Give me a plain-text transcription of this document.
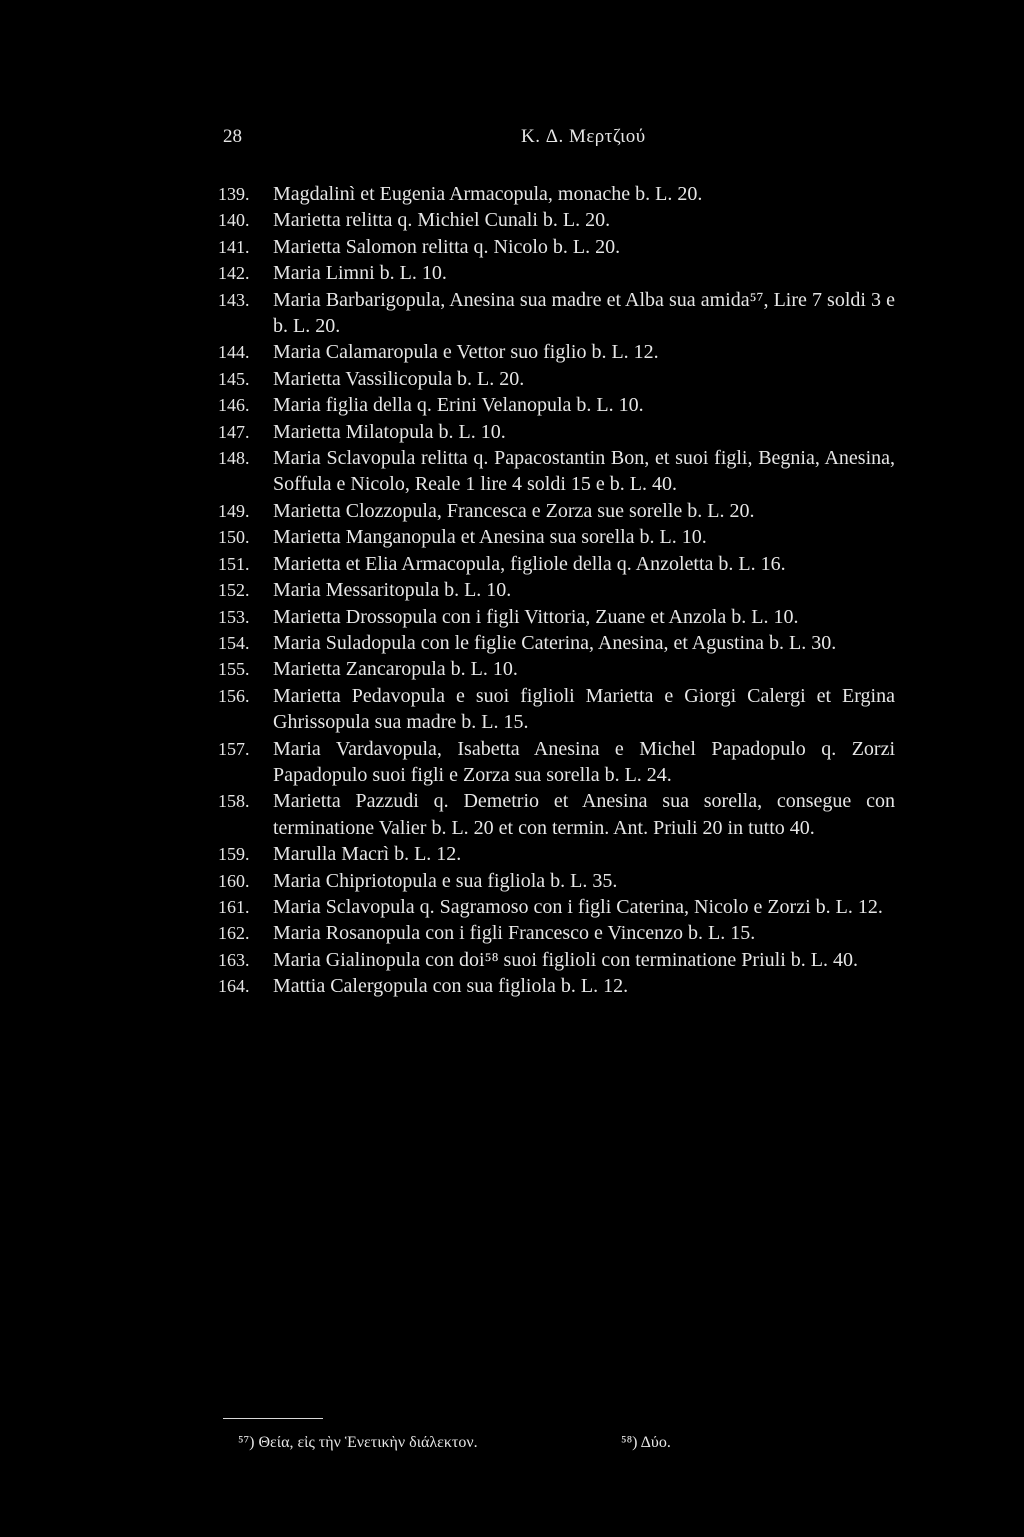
28	K. Δ. Μερτζιού
139. Magdalinì et Eugenia Armacopula, monache b. L. 20.
140. Marietta relitta q. Michiel Cunali b. L. 20.
141. Marietta Salomon relitta q. Nicolo b. L. 20.
142. Maria Limni b. L. 10.
143. Maria Barbarigopula, Anesina sua madre et Alba sua amida⁵⁷, Lire 7 soldi 3 e b. L. 20.
144. Maria Calamaropula e Vettor suo figlio b. L. 12.
145. Marietta Vassilicopula b. L. 20.
146. Maria figlia della q. Erini Velanopula b. L. 10.
147. Marietta Milatopula b. L. 10.
148. Maria Sclavopula relitta q. Papacostantin Bon, et suoi figli, Begnia, Anesina, Soffula e Nicolo, Reale 1 lire 4 soldi 15 e b. L. 40.
149. Marietta Clozzopula, Francesca e Zorza sue sorelle b. L. 20.
150. Marietta Manganopula et Anesina sua sorella b. L. 10.
151. Marietta et Elia Armacopula, figliole della q. Anzoletta b. L. 16.
152. Maria Messaritopula b. L. 10.
153. Marietta Drossopula con i figli Vittoria, Zuane et Anzola b. L. 10.
154. Maria Suladopula con le figlie Caterina, Anesina, et Agustina b. L. 30.
155. Marietta Zancaropula b. L. 10.
156. Marietta Pedavopula e suoi figlioli Marietta e Giorgi Calergi et Ergina Ghrissopula sua madre b. L. 15.
157. Maria Vardavopula, Isabetta Anesina e Michel Papadopulo q. Zorzi Papadopulo suoi figli e Zorza sua sorella b. L. 24.
158. Marietta Pazzudi q. Demetrio et Anesina sua sorella, consegue con terminatione Valier b. L. 20 et con termin. Ant. Priuli 20 in tutto 40.
159. Marulla Macrì b. L. 12.
160. Maria Chipriotopula e sua figliola b. L. 35.
161. Maria Sclavopula q. Sagramoso con i figli Caterina, Nicolo e Zorzi b. L. 12.
162. Maria Rosanopula con i figli Francesco e Vincenzo b. L. 15.
163. Maria Gialinopula con doi⁵⁸ suoi figlioli con terminatione Priuli b. L. 40.
164. Mattia Calergopula con sua figliola b. L. 12.
⁵⁷) Θεία, εἰς τὴν Ἑνετικὴν διάλεκτον.	⁵⁸) Δύο.
